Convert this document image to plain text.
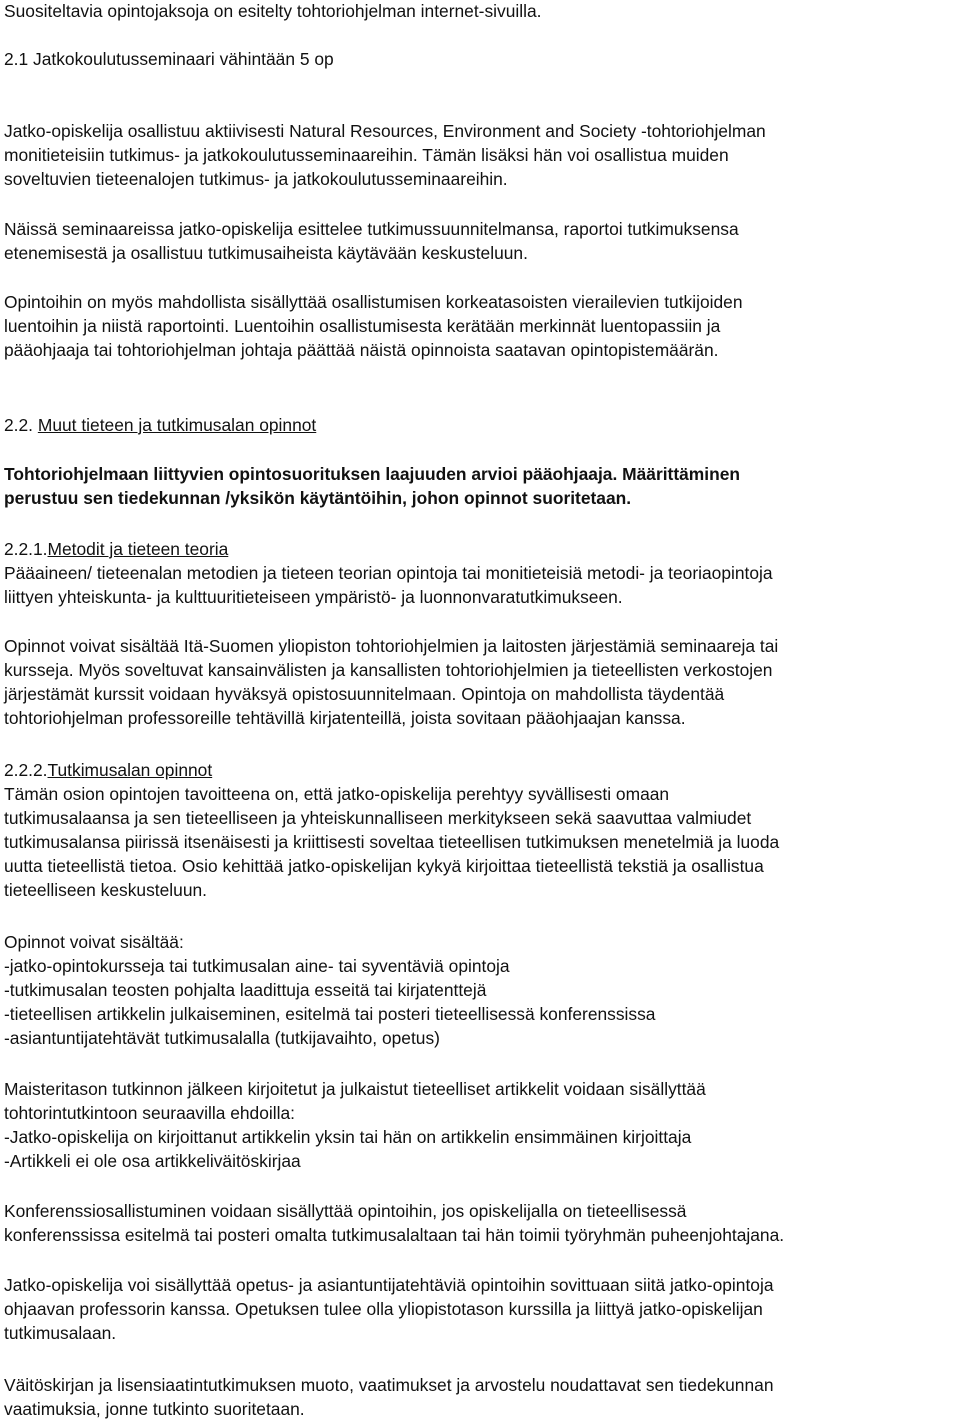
Suositeltavia opintojaksoja on esitelty tohtoriohjelman internet-sivuilla.
2.1 Jatkokoulutusseminaari vähintään 5 op
Jatko-opiskelija osallistuu aktiivisesti Natural Resources, Environment and Society -tohtoriohjelman
monitieteisiin tutkimus- ja jatkokoulutusseminaareihin. Tämän lisäksi hän voi osallistua muiden
soveltuvien tieteenalojen tutkimus- ja jatkokoulutusseminaareihin.
Näissä seminaareissa jatko-opiskelija esittelee tutkimussuunnitelmansa, raportoi tutkimuksensa
etenemisestä ja osallistuu tutkimusaiheista käytävään keskusteluun.
Opintoihin on myös mahdollista sisällyttää osallistumisen korkeatasoisten vierailevien tutkijoiden
luentoihin ja niistä raportointi. Luentoihin osallistumisesta kerätään merkinnät luentopassiin ja
pääohjaaja tai tohtoriohjelman johtaja päättää näistä opinnoista saatavan opintopistemäärän.
2.2. Muut tieteen ja tutkimusalan opinnot
Tohtoriohjelmaan liittyvien opintosuorituksen laajuuden arvioi pääohjaaja. Määrittäminen
perustuu sen tiedekunnan /yksikön käytäntöihin, johon opinnot suoritetaan.
2.2.1.Metodit ja tieteen teoria
Pääaineen/ tieteenalan metodien ja tieteen teorian opintoja tai monitieteisiä metodi- ja teoriaopintoja
liittyen yhteiskunta- ja kulttuuritieteiseen ympäristö- ja luonnonvaratutkimukseen.
Opinnot voivat sisältää Itä-Suomen yliopiston tohtoriohjelmien ja laitosten järjestämiä seminaareja tai
kursseja. Myös soveltuvat kansainvälisten ja kansallisten tohtoriohjelmien ja tieteellisten verkostojen
järjestämät kurssit voidaan hyväksyä opistosuunnitelmaan. Opintoja on mahdollista täydentää
tohtoriohjelman professoreille tehtävillä kirjatenteillä, joista sovitaan pääohjaajan kanssa.
2.2.2.Tutkimusalan opinnot
Tämän osion opintojen tavoitteena on, että jatko-opiskelija perehtyy syvällisesti omaan
tutkimusalaansa ja sen tieteelliseen ja yhteiskunnalliseen merkitykseen sekä saavuttaa valmiudet
tutkimusalansa piirissä itsenäisesti ja kriittisesti soveltaa tieteellisen tutkimuksen menetelmiä ja luoda
uutta tieteellistä tietoa. Osio kehittää jatko-opiskelijan kykyä kirjoittaa tieteellistä tekstiä ja osallistua
tieteelliseen keskusteluun.
Opinnot voivat sisältää:
-jatko-opintokursseja tai tutkimusalan aine- tai syventäviä opintoja
-tutkimusalan teosten pohjalta laadittuja esseitä tai kirjatenttejä
-tieteellisen artikkelin julkaiseminen, esitelmä tai posteri tieteellisessä konferenssissa
-asiantuntijatehtävät tutkimusalalla (tutkijavaihto, opetus)
Maisteritason tutkinnon jälkeen kirjoitetut ja julkaistut tieteelliset artikkelit voidaan sisällyttää
tohtorintutkintoon seuraavilla ehdoilla:
-Jatko-opiskelija on kirjoittanut artikkelin yksin tai hän on artikkelin ensimmäinen kirjoittaja
-Artikkeli ei ole osa artikkeliväitöskirjaa
Konferenssiosallistuminen voidaan sisällyttää opintoihin, jos opiskelijalla on tieteellisessä
konferenssissa esitelmä tai posteri omalta tutkimusalaltaan tai hän toimii työryhmän puheenjohtajana.
Jatko-opiskelija voi sisällyttää opetus- ja asiantuntijatehtäviä opintoihin sovittuaan siitä jatko-opintoja
ohjaavan professorin kanssa. Opetuksen tulee olla yliopistotason kurssilla ja liittyä jatko-opiskelijan
tutkimusalaan.
Väitöskirjan ja lisensiaatintutkimuksen muoto, vaatimukset ja arvostelu noudattavat sen tiedekunnan
vaatimuksia, jonne tutkinto suoritetaan.
